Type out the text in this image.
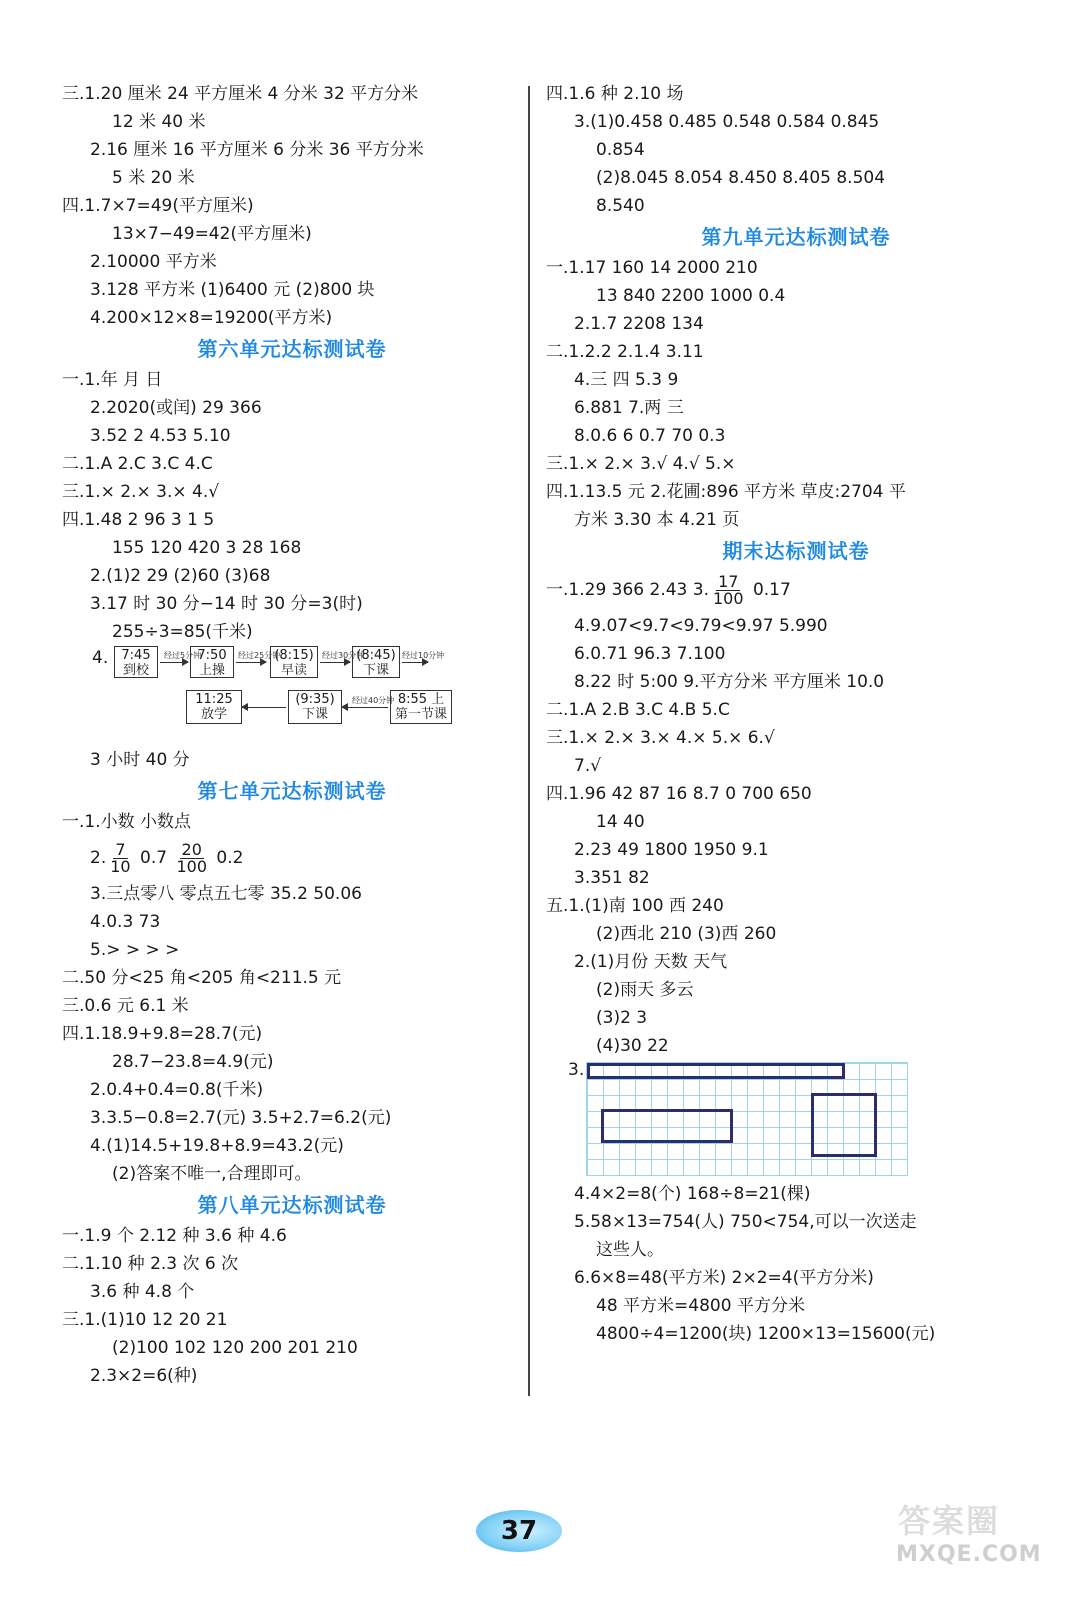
三.1.20 厘米 24 平方厘米 4 分米 32 平方分米
12 米 40 米
2.16 厘米 16 平方厘米 6 分米 36 平方分米
5 米 20 米
四.1.7×7=49(平方厘米)
13×7−49=42(平方厘米)
2.10000 平方米
3.128 平方米 (1)6400 元 (2)800 块
4.200×12×8=19200(平方米)
第六单元达标测试卷
一.1.年 月 日
2.2020(或闰) 29 366
3.52 2 4.53 5.10
二.1.A 2.C 3.C 4.C
三.1.× 2.× 3.× 4.√
四.1.48 2 96 3 1 5
155 120 420 3 28 168
2.(1)2 29 (2)60 (3)68
3.17 时 30 分−14 时 30 分=3(时)
255÷3=85(千米)
4.	7:45 到校
经过5分钟
7:50 上操
经过25分钟
(8:15) 早读
经过30分钟
(8:45) 下课
经过10分钟
8:55 上第一节课
经过40分钟
(9:35) 下课
11:25 放学
3 小时 40 分
第七单元达标测试卷
一.1.小数 小数点
2. $\frac{7}{10} 0.7 \frac{20}{100} 0.2$
3.三点零八 零点五七零 35.2 50.06
4.0.3 73
5.> > > >
二.50 分<25 角<205 角<211.5 元
三.0.6 元 6.1 米
四.1.18.9+9.8=28.7(元)
28.7−23.8=4.9(元)
2.0.4+0.4=0.8(千米)
3.3.5−0.8=2.7(元) 3.5+2.7=6.2(元)
4.(1)14.5+19.8+8.9=43.2(元)
(2)答案不唯一,合理即可。
第八单元达标测试卷
一.1.9 个 2.12 种 3.6 种 4.6
二.1.10 种 2.3 次 6 次
3.6 种 4.8 个
三.1.(1)10 12 20 21
(2)100 102 120 200 201 210
2.3×2=6(种)
四.1.6 种 2.10 场
3.(1)0.458 0.485 0.548 0.584 0.845
0.854
(2)8.045 8.054 8.450 8.405 8.504
8.540
第九单元达标测试卷
一.1.17 160 14 2000 210
13 840 2200 1000 0.4
2.1.7 2208 134
二.1.2.2 2.1.4 3.11
4.三 四 5.3 9
6.881 7.两 三
8.0.6 6 0.7 70 0.3
三.1.× 2.× 3.√ 4.√ 5.×
四.1.13.5 元 2.花圃:896 平方米 草皮:2704 平
方米 3.30 本 4.21 页
期末达标测试卷
一.1.29 366 2.43 3. $\frac{17}{100} 0.17$
4.9.07<9.7<9.79<9.97 5.990
6.0.71 96.3 7.100
8.22 时 5:00 9.平方分米 平方厘米 10.0
二.1.A 2.B 3.C 4.B 5.C
三.1.× 2.× 3.× 4.× 5.× 6.√
7.√
四.1.96 42 87 16 8.7 0 700 650
14 40
2.23 49 1800 1950 9.1
3.351 82
五.1.(1)南 100 西 240
(2)西北 210 (3)西 260
2.(1)月份 天数 天气
(2)雨天 多云
(3)2 3
(4)30 22
3.
4.4×2=8(个) 168÷8=21(棵)
5.58×13=754(人) 750<754,可以一次送走
这些人。
6.6×8=48(平方米) 2×2=4(平方分米)
48 平方米=4800 平方分米
4800÷4=1200(块) 1200×13=15600(元)
37	答案圈
MXQE.COM
